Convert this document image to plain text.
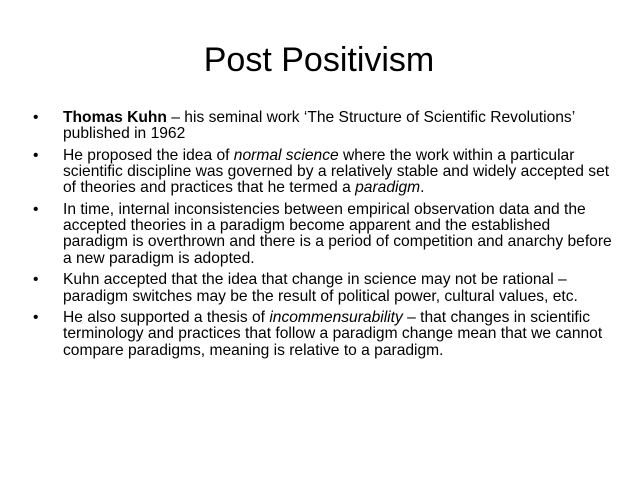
Post Positivism
• Thomas Kuhn – his seminal work ‘The Structure of Scientific Revolutions’ published in 1962
• He proposed the idea of normal science where the work within a particular scientific discipline was governed by a relatively stable and widely accepted set of theories and practices that he termed a paradigm.
• In time, internal inconsistencies between empirical observation data and the accepted theories in a paradigm become apparent and the established paradigm is overthrown and there is a period of competition and anarchy before a new paradigm is adopted.
• Kuhn accepted that the idea that change in science may not be rational – paradigm switches may be the result of political power, cultural values, etc.
• He also supported a thesis of incommensurability – that changes in scientific terminology and practices that follow a paradigm change mean that we cannot compare paradigms, meaning is relative to a paradigm.
